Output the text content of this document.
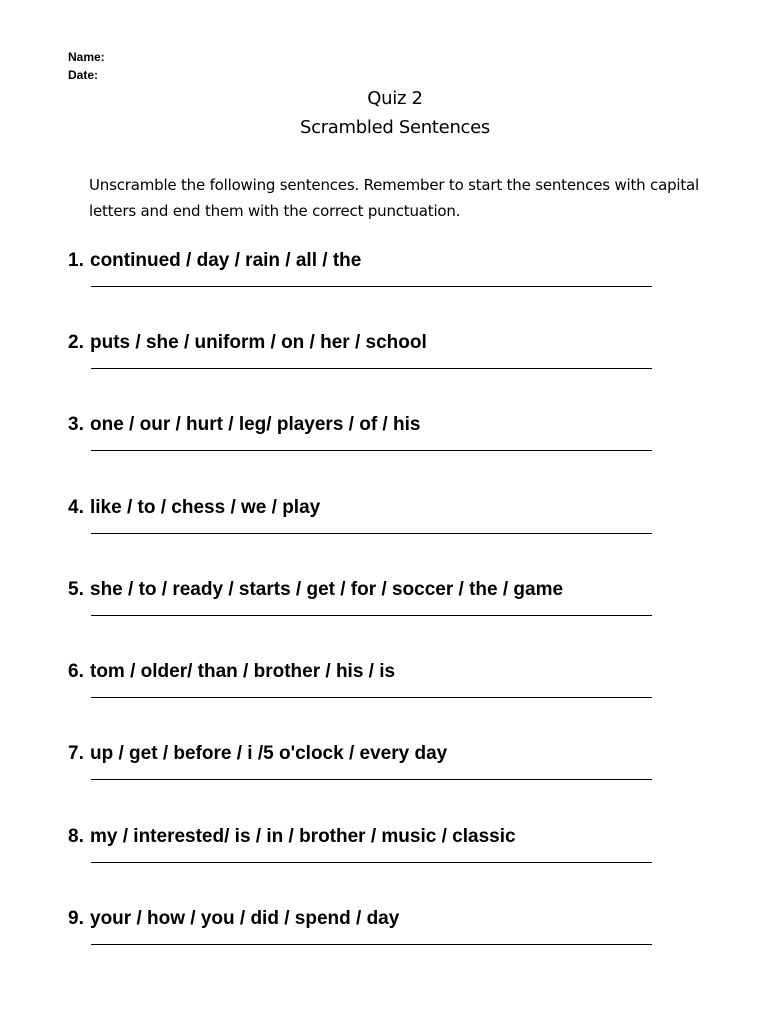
Name:
Date:
Quiz 2
Scrambled Sentences
Unscramble the following sentences. Remember to start the sentences with capital letters and end them with the correct punctuation.
1. continued / day / rain / all / the
2. puts / she / uniform / on / her / school
3. one / our / hurt / leg/ players / of / his
4. like / to / chess / we / play
5. she / to / ready / starts / get / for / soccer / the / game
6. tom / older/ than / brother / his / is
7. up / get / before / i /5 o'clock / every day
8. my / interested/ is / in / brother / music / classic
9. your / how / you / did / spend / day
